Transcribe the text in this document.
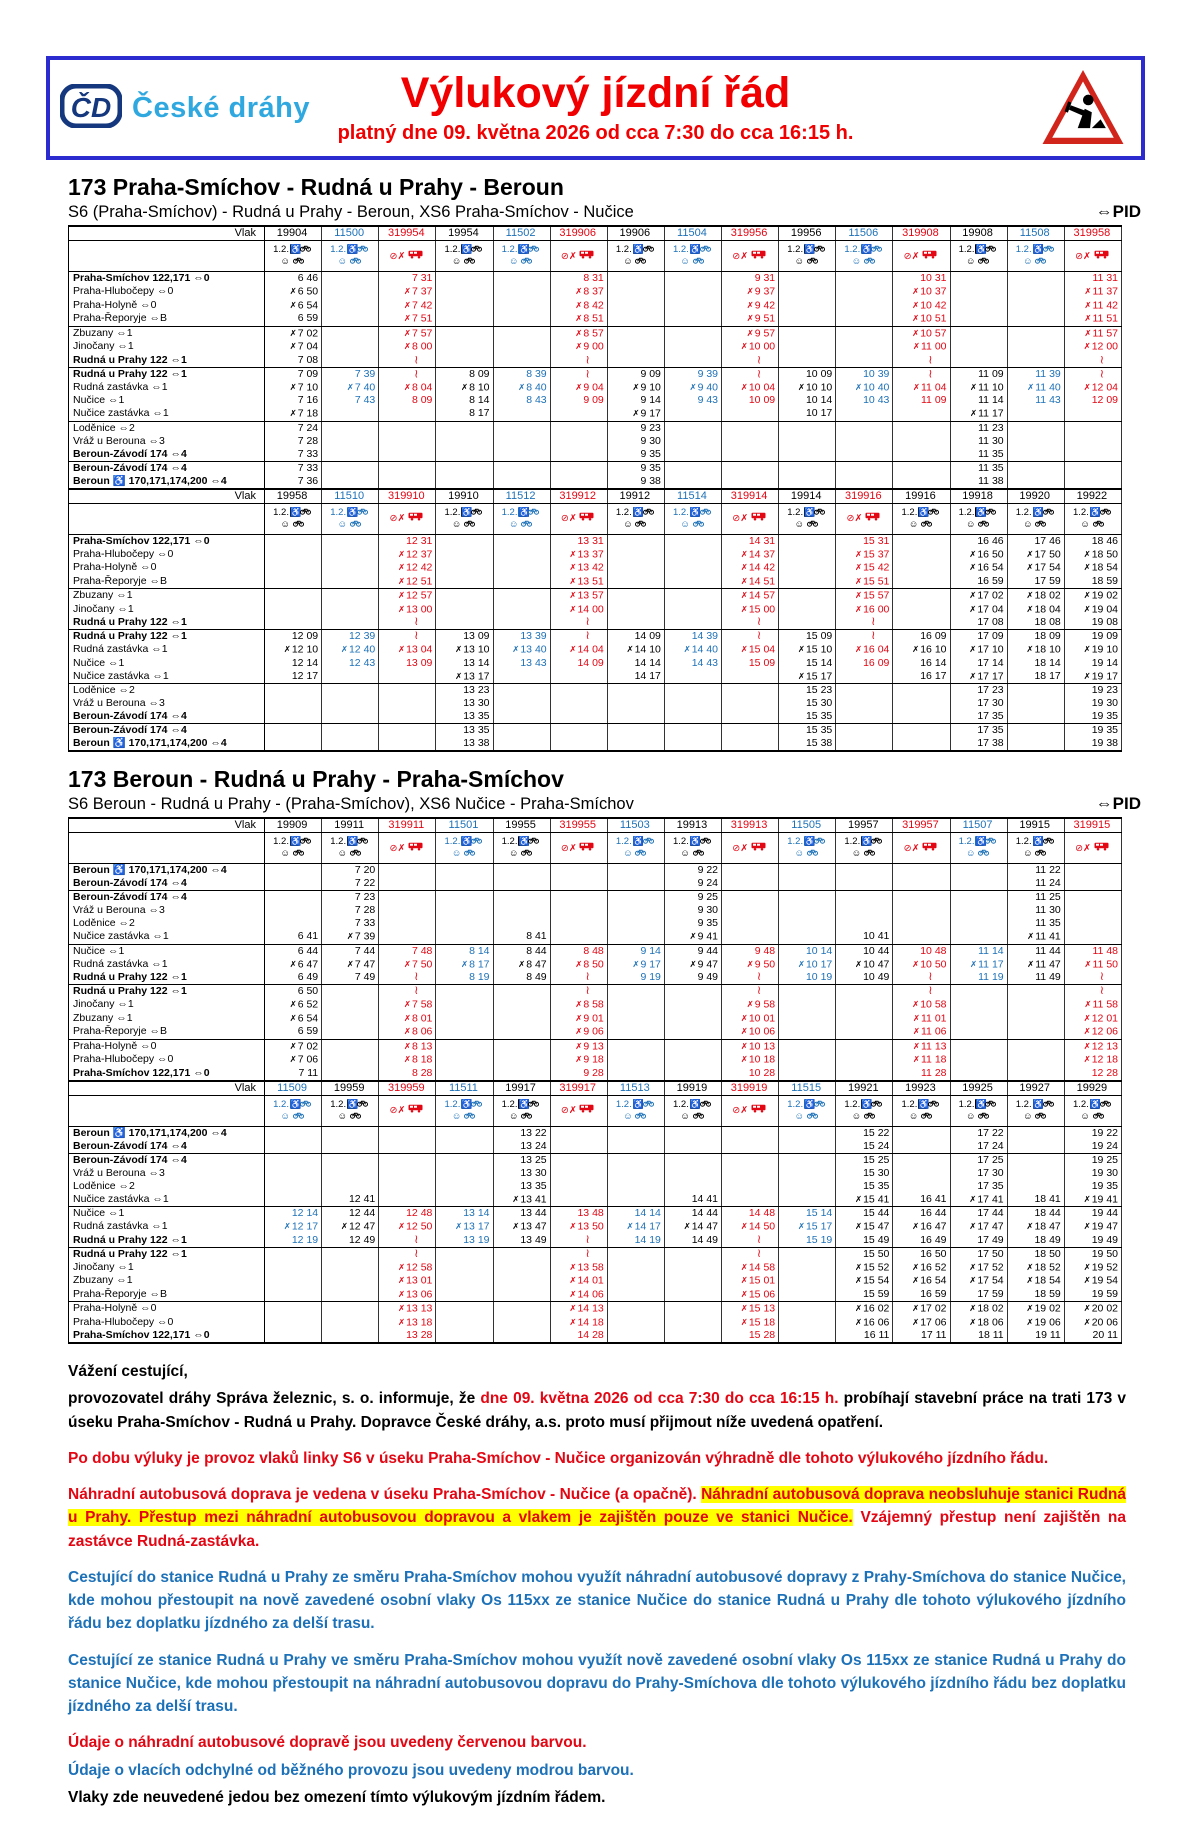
ČD České dráhy Výlukový jízdní řád
platný dne 09. května 2026 od cca 7:30 do cca 16:15 h.
173 Praha-Smíchov - Rudná u Prahy - Beroun
S6 (Praha-Smíchov) - Rudná u Prahy - Beroun, XS6 Praha-Smíchov - Nučice	⇔PID
Vlak	19904	11500	319954	19954	11502	319906	19906	11504	319956	19956	11506	319908	19908	11508	319958

1.2.♿
☺

1.2.♿
☺	⊘✗

1.2.♿
☺

1.2.♿
☺	⊘✗

1.2.♿
☺

1.2.♿
☺	⊘✗

1.2.♿
☺

1.2.♿
☺	⊘✗

1.2.♿
☺

1.2.♿
☺	⊘✗

Praha-Smíchov 122,171 ⇔0	6 46		7 31			8 31			9 31			10 31			11 31
Praha-Hlubočepy ⇔0	✗6 50		✗7 37			✗8 37			✗9 37			✗10 37			✗11 37
Praha-Holyně ⇔0	✗6 54		✗7 42			✗8 42			✗9 42			✗10 42			✗11 42
Praha-Řeporyje ⇔B	6 59		✗7 51			✗8 51			✗9 51			✗10 51			✗11 51
Zbuzany ⇔1	✗7 02		✗7 57			✗8 57			✗9 57			✗10 57			✗11 57
Jinočany ⇔1	✗7 04		✗8 00			✗9 00			✗10 00			✗11 00			✗12 00
Rudná u Prahy 122 ⇔1	7 08		≀			≀			≀			≀			≀
Rudná u Prahy 122 ⇔1	7 09	7 39	≀	8 09	8 39	≀	9 09	9 39	≀	10 09	10 39	≀	11 09	11 39	≀
Rudná zastávka ⇔1	✗7 10	✗7 40	✗8 04	✗8 10	✗8 40	✗9 04	✗9 10	✗9 40	✗10 04	✗10 10	✗10 40	✗11 04	✗11 10	✗11 40	✗12 04
Nučice ⇔1	7 16	7 43	8 09	8 14	8 43	9 09	9 14	9 43	10 09	10 14	10 43	11 09	11 14	11 43	12 09
Nučice zastávka ⇔1	✗7 18			8 17			✗9 17			10 17			✗11 17		
Loděnice ⇔2	7 24						9 23						11 23		
Vráž u Berouna ⇔3	7 28						9 30						11 30		
Beroun-Závodí 174 ⇔4	7 33						9 35						11 35		
Beroun-Závodí 174 ⇔4	7 33						9 35						11 35		
Beroun ♿ 170,171,174,200 ⇔4	7 36						9 38						11 38		
Vlak	19958	11510	319910	19910	11512	319912	19912	11514	319914	19914	319916	19916	19918	19920	19922

1.2.♿
☺

1.2.♿
☺	⊘✗

1.2.♿
☺

1.2.♿
☺	⊘✗

1.2.♿
☺

1.2.♿
☺	⊘✗

1.2.♿
☺	⊘✗

1.2.♿
☺

1.2.♿
☺

1.2.♿
☺

1.2.♿
☺

Praha-Smíchov 122,171 ⇔0			12 31			13 31			14 31		15 31		16 46	17 46	18 46
Praha-Hlubočepy ⇔0			✗12 37			✗13 37			✗14 37		✗15 37		✗16 50	✗17 50	✗18 50
Praha-Holyně ⇔0			✗12 42			✗13 42			✗14 42		✗15 42		✗16 54	✗17 54	✗18 54
Praha-Řeporyje ⇔B			✗12 51			✗13 51			✗14 51		✗15 51		16 59	17 59	18 59
Zbuzany ⇔1			✗12 57			✗13 57			✗14 57		✗15 57		✗17 02	✗18 02	✗19 02
Jinočany ⇔1			✗13 00			✗14 00			✗15 00		✗16 00		✗17 04	✗18 04	✗19 04
Rudná u Prahy 122 ⇔1			≀			≀			≀		≀		17 08	18 08	19 08
Rudná u Prahy 122 ⇔1	12 09	12 39	≀	13 09	13 39	≀	14 09	14 39	≀	15 09	≀	16 09	17 09	18 09	19 09
Rudná zastávka ⇔1	✗12 10	✗12 40	✗13 04	✗13 10	✗13 40	✗14 04	✗14 10	✗14 40	✗15 04	✗15 10	✗16 04	✗16 10	✗17 10	✗18 10	✗19 10
Nučice ⇔1	12 14	12 43	13 09	13 14	13 43	14 09	14 14	14 43	15 09	15 14	16 09	16 14	17 14	18 14	19 14
Nučice zastávka ⇔1	12 17			✗13 17			14 17			✗15 17		16 17	✗17 17	18 17	✗19 17
Loděnice ⇔2				13 23						15 23			17 23		19 23
Vráž u Berouna ⇔3				13 30						15 30			17 30		19 30
Beroun-Závodí 174 ⇔4				13 35						15 35			17 35		19 35
Beroun-Závodí 174 ⇔4				13 35						15 35			17 35		19 35
Beroun ♿ 170,171,174,200 ⇔4				13 38						15 38			17 38		19 38
173 Beroun - Rudná u Prahy - Praha-Smíchov
S6 Beroun - Rudná u Prahy - (Praha-Smíchov), XS6 Nučice - Praha-Smíchov	⇔PID
Vlak	19909	19911	319911	11501	19955	319955	11503	19913	319913	11505	19957	319957	11507	19915	319915

1.2.♿
☺

1.2.♿
☺	⊘✗

1.2.♿
☺

1.2.♿
☺	⊘✗

1.2.♿
☺

1.2.♿
☺	⊘✗

1.2.♿
☺

1.2.♿
☺	⊘✗

1.2.♿
☺

1.2.♿
☺	⊘✗

Beroun ♿ 170,171,174,200 ⇔4		7 20						9 22						11 22	
Beroun-Závodí 174 ⇔4		7 22						9 24						11 24	
Beroun-Závodí 174 ⇔4		7 23						9 25						11 25	
Vráž u Berouna ⇔3		7 28						9 30						11 30	
Loděnice ⇔2		7 33						9 35						11 35	
Nučice zastávka ⇔1	6 41	✗7 39			8 41			✗9 41			10 41			✗11 41	
Nučice ⇔1	6 44	7 44	7 48	8 14	8 44	8 48	9 14	9 44	9 48	10 14	10 44	10 48	11 14	11 44	11 48
Rudná zastávka ⇔1	✗6 47	✗7 47	✗7 50	✗8 17	✗8 47	✗8 50	✗9 17	✗9 47	✗9 50	✗10 17	✗10 47	✗10 50	✗11 17	✗11 47	✗11 50
Rudná u Prahy 122 ⇔1	6 49	7 49	≀	8 19	8 49	≀	9 19	9 49	≀	10 19	10 49	≀	11 19	11 49	≀
Rudná u Prahy 122 ⇔1	6 50		≀			≀			≀			≀			≀
Jinočany ⇔1	✗6 52		✗7 58			✗8 58			✗9 58			✗10 58			✗11 58
Zbuzany ⇔1	✗6 54		✗8 01			✗9 01			✗10 01			✗11 01			✗12 01
Praha-Řeporyje ⇔B	6 59		✗8 06			✗9 06			✗10 06			✗11 06			✗12 06
Praha-Holyně ⇔0	✗7 02		✗8 13			✗9 13			✗10 13			✗11 13			✗12 13
Praha-Hlubočepy ⇔0	✗7 06		✗8 18			✗9 18			✗10 18			✗11 18			✗12 18
Praha-Smíchov 122,171 ⇔0	7 11		8 28			9 28			10 28			11 28			12 28
Vlak	11509	19959	319959	11511	19917	319917	11513	19919	319919	11515	19921	19923	19925	19927	19929

1.2.♿
☺

1.2.♿
☺	⊘✗

1.2.♿
☺

1.2.♿
☺	⊘✗

1.2.♿
☺

1.2.♿
☺	⊘✗

1.2.♿
☺

1.2.♿
☺

1.2.♿
☺

1.2.♿
☺

1.2.♿
☺

1.2.♿
☺

Beroun ♿ 170,171,174,200 ⇔4					13 22						15 22		17 22		19 22
Beroun-Závodí 174 ⇔4					13 24						15 24		17 24		19 24
Beroun-Závodí 174 ⇔4					13 25						15 25		17 25		19 25
Vráž u Berouna ⇔3					13 30						15 30		17 30		19 30
Loděnice ⇔2					13 35						15 35		17 35		19 35
Nučice zastávka ⇔1		12 41			✗13 41			14 41			✗15 41	16 41	✗17 41	18 41	✗19 41
Nučice ⇔1	12 14	12 44	12 48	13 14	13 44	13 48	14 14	14 44	14 48	15 14	15 44	16 44	17 44	18 44	19 44
Rudná zastávka ⇔1	✗12 17	✗12 47	✗12 50	✗13 17	✗13 47	✗13 50	✗14 17	✗14 47	✗14 50	✗15 17	✗15 47	✗16 47	✗17 47	✗18 47	✗19 47
Rudná u Prahy 122 ⇔1	12 19	12 49	≀	13 19	13 49	≀	14 19	14 49	≀	15 19	15 49	16 49	17 49	18 49	19 49
Rudná u Prahy 122 ⇔1			≀			≀			≀		15 50	16 50	17 50	18 50	19 50
Jinočany ⇔1			✗12 58			✗13 58			✗14 58		✗15 52	✗16 52	✗17 52	✗18 52	✗19 52
Zbuzany ⇔1			✗13 01			✗14 01			✗15 01		✗15 54	✗16 54	✗17 54	✗18 54	✗19 54
Praha-Řeporyje ⇔B			✗13 06			✗14 06			✗15 06		15 59	16 59	17 59	18 59	19 59
Praha-Holyně ⇔0			✗13 13			✗14 13			✗15 13		✗16 02	✗17 02	✗18 02	✗19 02	✗20 02
Praha-Hlubočepy ⇔0			✗13 18			✗14 18			✗15 18		✗16 06	✗17 06	✗18 06	✗19 06	✗20 06
Praha-Smíchov 122,171 ⇔0			13 28			14 28			15 28		16 11	17 11	18 11	19 11	20 11

Vážení cestující,

provozovatel dráhy Správa železnic, s. o. informuje, že dne 09. května 2026 od cca 7:30 do cca 16:15 h. probíhají stavební práce na trati 173 v úseku Praha-Smíchov - Rudná u Prahy. Dopravce České dráhy, a.s. proto musí přijmout níže uvedená opatření.

Po dobu výluky je provoz vlaků linky S6 v úseku Praha-Smíchov - Nučice organizován výhradně dle tohoto výlukového jízdního řádu.

Náhradní autobusová doprava je vedena v úseku Praha-Smíchov - Nučice (a opačně). Náhradní autobusová doprava neobsluhuje stanici Rudná u Prahy. Přestup mezi náhradní autobusovou dopravou a vlakem je zajištěn pouze ve stanici Nučice. Vzájemný přestup není zajištěn na zastávce Rudná-zastávka.

Cestující do stanice Rudná u Prahy ze směru Praha-Smíchov mohou využít náhradní autobusové dopravy z Prahy-Smíchova do stanice Nučice, kde mohou přestoupit na nově zavedené osobní vlaky Os 115xx ze stanice Nučice do stanice Rudná u Prahy dle tohoto výlukového jízdního řádu bez doplatku jízdného za delší trasu.

Cestující ze stanice Rudná u Prahy ve směru Praha-Smíchov mohou využít nově zavedené osobní vlaky Os 115xx ze stanice Rudná u Prahy do stanice Nučice, kde mohou přestoupit na náhradní autobusovou dopravu do Prahy-Smíchova dle tohoto výlukového jízdního řádu bez doplatku jízdného za delší trasu.

Údaje o náhradní autobusové dopravě jsou uvedeny červenou barvou.

Údaje o vlacích odchylné od běžného provozu jsou uvedeny modrou barvou.

Vlaky zde neuvedené jedou bez omezení tímto výlukovým jízdním řádem.
